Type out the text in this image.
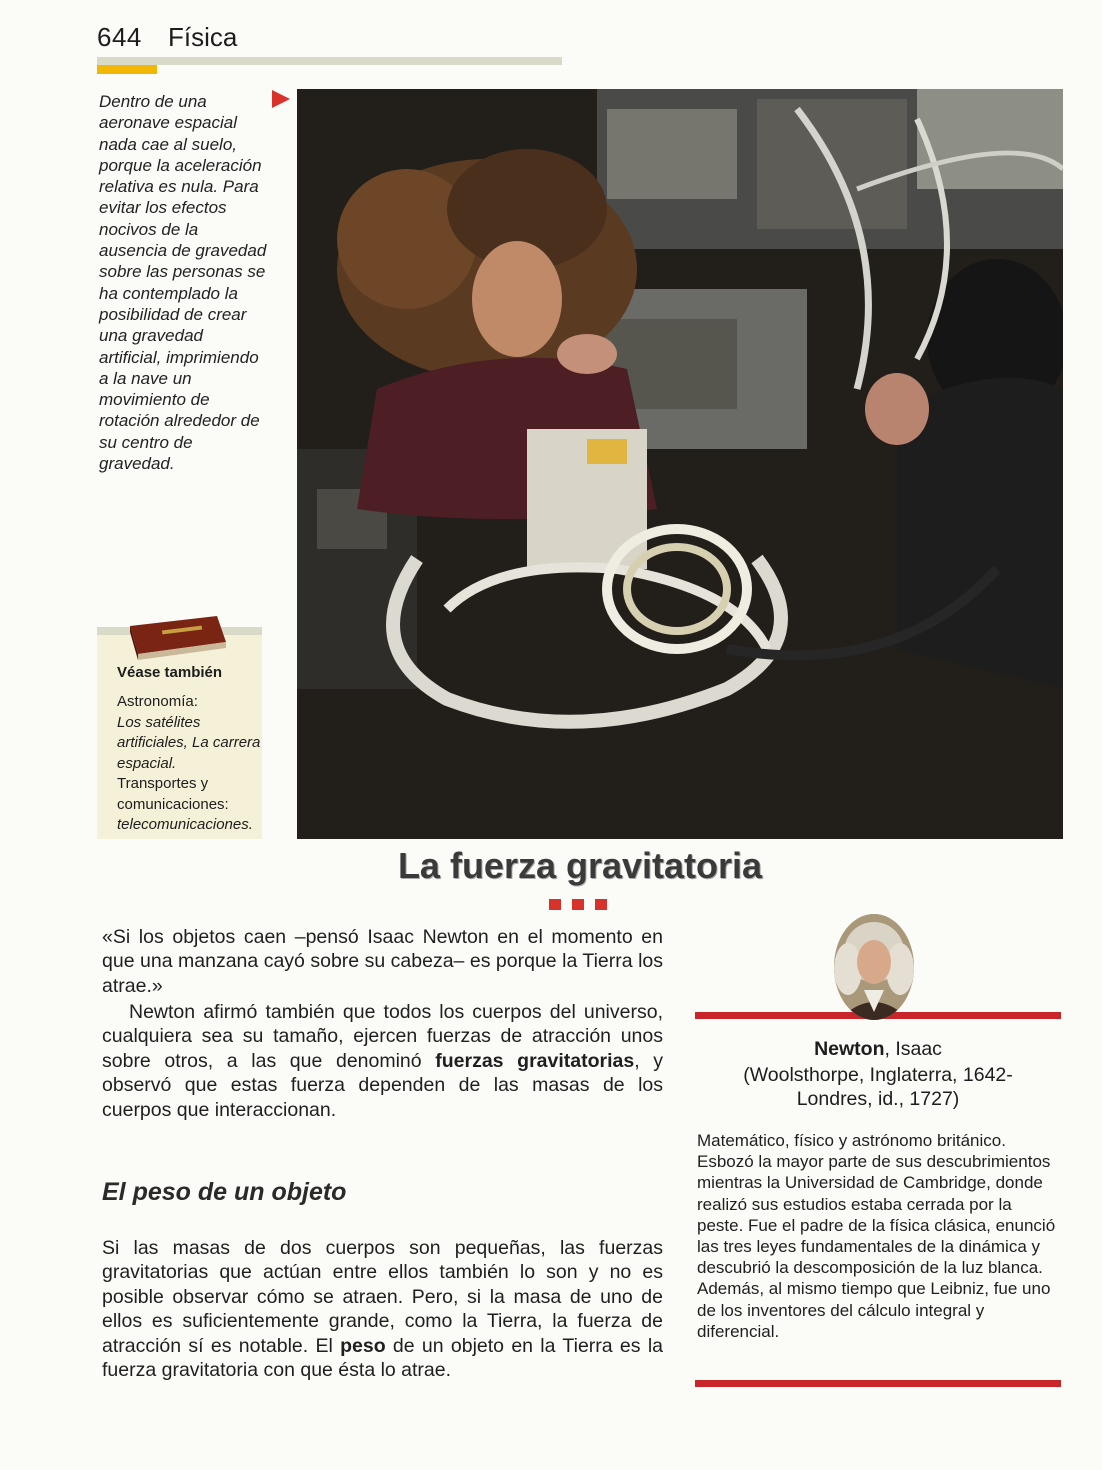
644 Física
Dentro de una aeronave espacial nada cae al suelo, porque la aceleración relativa es nula. Para evitar los efectos nocivos de la ausencia de gravedad sobre las personas se ha contemplado la posibilidad de crear una gravedad artificial, imprimiendo a la nave un movimiento de rotación alrededor de su centro de gravedad.
Véase también
Astronomía:
Los satélites artificiales, La carrera espacial.
Transportes y comunicaciones:
telecomunicaciones.
La fuerza gravitatoria
«Si los objetos caen –pensó Isaac Newton en el momento en que una manzana cayó sobre su cabeza– es porque la Tierra los atrae.»
Newton afirmó también que todos los cuerpos del universo, cualquiera sea su tamaño, ejercen fuerzas de atracción unos sobre otros, a las que denominó fuerzas gravitatorias, y observó que estas fuerza dependen de las masas de los cuerpos que interaccionan.
El peso de un objeto
Si las masas de dos cuerpos son pequeñas, las fuerzas gravitatorias que actúan entre ellos también lo son y no es posible observar cómo se atraen. Pero, si la masa de uno de ellos es suficientemente grande, como la Tierra, la fuerza de atracción sí es notable. El peso de un objeto en la Tierra es la fuerza gravitatoria con que ésta lo atrae.
Newton, Isaac
(Woolsthorpe, Inglaterra, 1642-
Londres, id., 1727)
Matemático, físico y astrónomo británico. Esbozó la mayor parte de sus descubrimientos mientras la Universidad de Cambridge, donde realizó sus estudios estaba cerrada por la peste. Fue el padre de la física clásica, enunció las tres leyes fundamentales de la dinámica y descubrió la descomposición de la luz blanca. Además, al mismo tiempo que Leibniz, fue uno de los inventores del cálculo integral y diferencial.
